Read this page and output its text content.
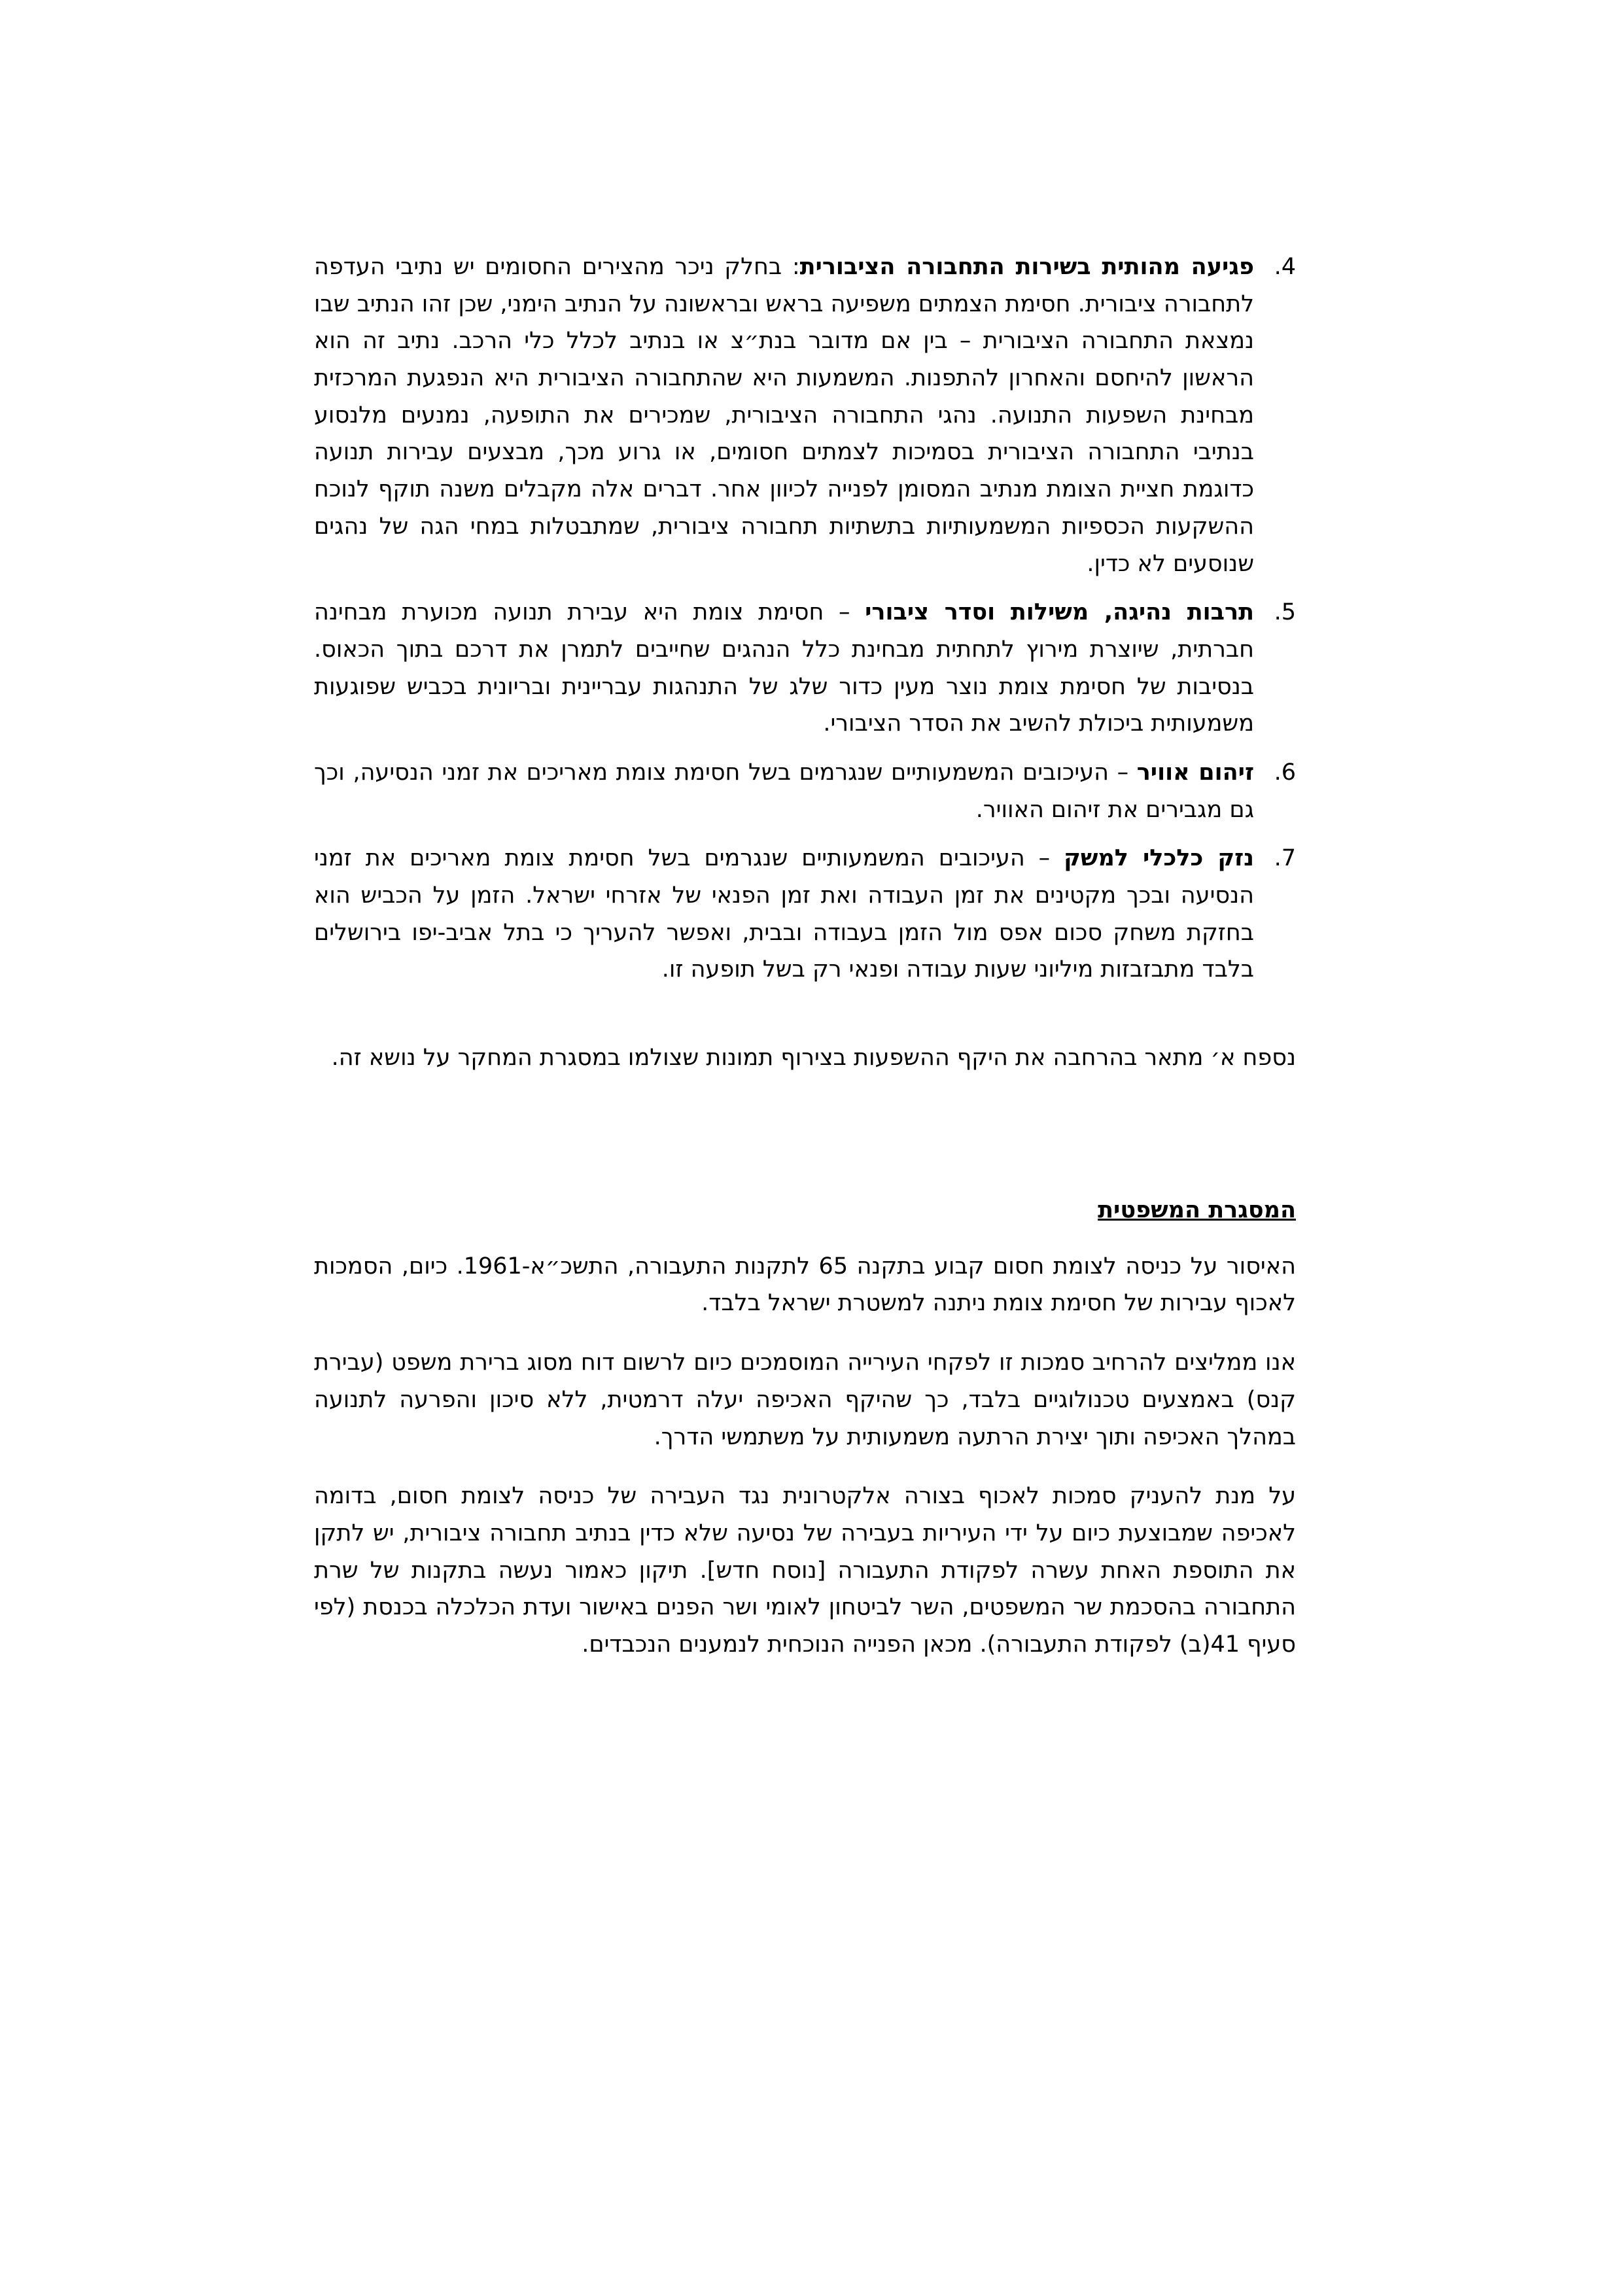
.4
פגיעה מהותית בשירות התחבורה הציבורית: בחלק ניכר מהצירים החסומים יש נתיבי העדפה לתחבורה ציבורית. חסימת הצמתים משפיעה בראש ובראשונה על הנתיב הימני, שכן זהו הנתיב שבו נמצאת התחבורה הציבורית – בין אם מדובר בנת״צ או בנתיב לכלל כלי הרכב. נתיב זה הוא הראשון להיחסם והאחרון להתפנות. המשמעות היא שהתחבורה הציבורית היא הנפגעת המרכזית מבחינת השפעות התנועה. נהגי התחבורה הציבורית, שמכירים את התופעה, נמנעים מלנסוע בנתיבי התחבורה הציבורית בסמיכות לצמתים חסומים, או גרוע מכך, מבצעים עבירות תנועה כדוגמת חציית הצומת מנתיב המסומן לפנייה לכיוון אחר. דברים אלה מקבלים משנה תוקף לנוכח ההשקעות הכספיות המשמעותיות בתשתיות תחבורה ציבורית, שמתבטלות במחי הגה של נהגים שנוסעים לא כדין.
.5
תרבות נהיגה, משילות וסדר ציבורי – חסימת צומת היא עבירת תנועה מכוערת מבחינה חברתית, שיוצרת מירוץ לתחתית מבחינת כלל הנהגים שחייבים לתמרן את דרכם בתוך הכאוס. בנסיבות של חסימת צומת נוצר מעין כדור שלג של התנהגות עבריינית ובריונית בכביש שפוגעות משמעותית ביכולת להשיב את הסדר הציבורי.
.6
זיהום אוויר – העיכובים המשמעותיים שנגרמים בשל חסימת צומת מאריכים את זמני הנסיעה, וכך גם מגבירים את זיהום האוויר.
.7
נזק כלכלי למשק – העיכובים המשמעותיים שנגרמים בשל חסימת צומת מאריכים את זמני הנסיעה ובכך מקטינים את זמן העבודה ואת זמן הפנאי של אזרחי ישראל. הזמן על הכביש הוא בחזקת משחק סכום אפס מול הזמן בעבודה ובבית, ואפשר להעריך כי בתל אביב-יפו בירושלים בלבד מתבזבזות מיליוני שעות עבודה ופנאי רק בשל תופעה זו.

נספח א׳ מתאר בהרחבה את היקף ההשפעות בצירוף תמונות שצולמו במסגרת המחקר על נושא זה.

המסגרת המשפטית

האיסור על כניסה לצומת חסום קבוע בתקנה 65 לתקנות התעבורה, התשכ״א-1961. כיום, הסמכות לאכוף עבירות של חסימת צומת ניתנה למשטרת ישראל בלבד.

אנו ממליצים להרחיב סמכות זו לפקחי העירייה המוסמכים כיום לרשום דוח מסוג ברירת משפט (עבירת קנס) באמצעים טכנולוגיים בלבד, כך שהיקף האכיפה יעלה דרמטית, ללא סיכון והפרעה לתנועה במהלך האכיפה ותוך יצירת הרתעה משמעותית על משתמשי הדרך.

על מנת להעניק סמכות לאכוף בצורה אלקטרונית נגד העבירה של כניסה לצומת חסום, בדומה לאכיפה שמבוצעת כיום על ידי העיריות בעבירה של נסיעה שלא כדין בנתיב תחבורה ציבורית, יש לתקן את התוספת האחת עשרה לפקודת התעבורה [נוסח חדש]. תיקון כאמור נעשה בתקנות של שרת התחבורה בהסכמת שר המשפטים, השר לביטחון לאומי ושר הפנים באישור ועדת הכלכלה בכנסת (לפי סעיף 41(ב) לפקודת התעבורה). מכאן הפנייה הנוכחית לנמענים הנכבדים.
